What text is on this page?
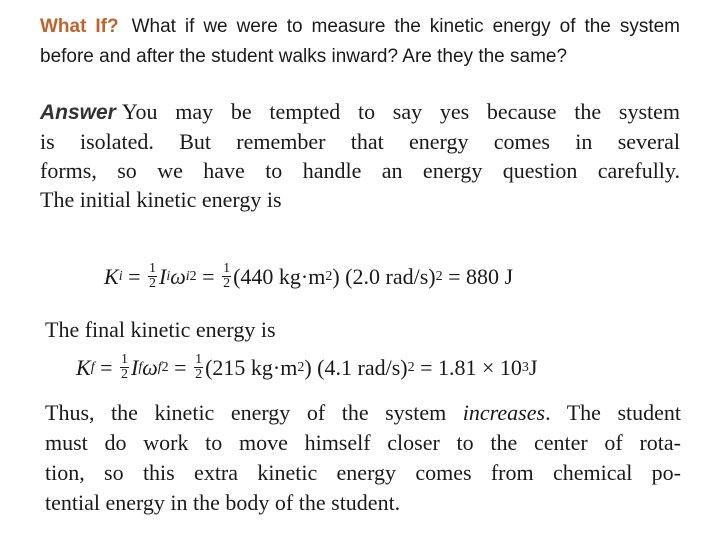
What If? What if we were to measure the kinetic energy of the system before and after the student walks inward? Are they the same?
Answer You may be tempted to say yes because the system
is isolated. But remember that energy comes in several
forms, so we have to handle an energy question carefully.
The initial kinetic energy is
K $i = \frac{1}{2}$ I i ω i $2 = \frac{1}{2} (440$ kg·m 2 ) (2.0 rad/s) 2
= 880 J
The final kinetic energy is
K $f = \frac{1}{2}$ I f ω f $2 = \frac{1}{2} (215$ kg·m 2 ) (4.1 rad/s) 2
= 1.81 × 10 3 J
Thus, the kinetic energy of the system increases. The student
must do work to move himself closer to the center of rota-
tion, so this extra kinetic energy comes from chemical po-
tential energy in the body of the student.
